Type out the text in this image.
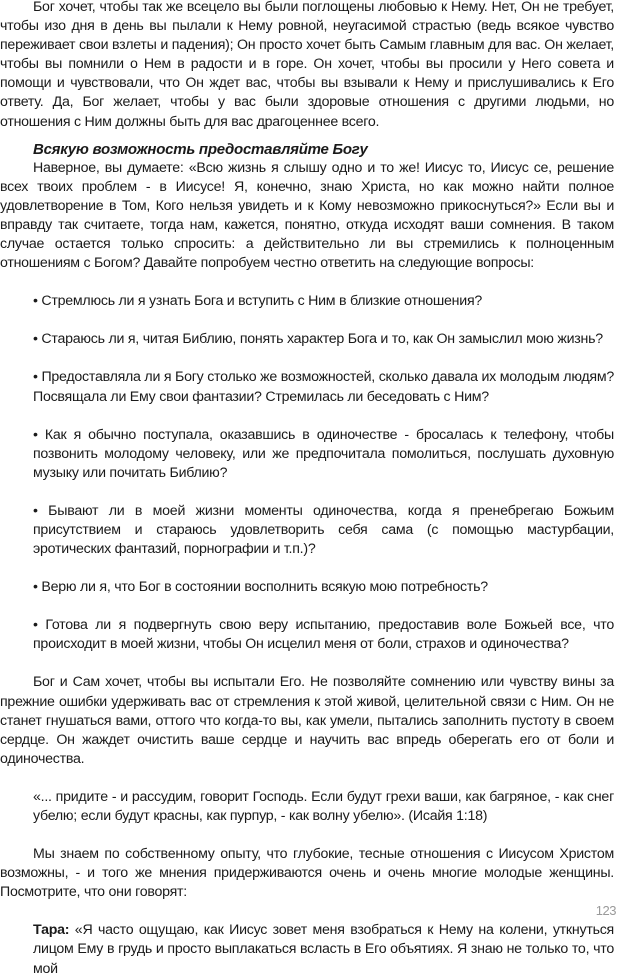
Бог хочет, чтобы так же всецело вы были поглощены любовью к Нему. Нет, Он не требует, чтобы изо дня в день вы пылали к Нему ровной, неугасимой страстью (ведь всякое чувство переживает свои взлеты и падения); Он просто хочет быть Самым главным для вас. Он желает, чтобы вы помнили о Нем в радости и в горе. Он хочет, чтобы вы просили у Него совета и помощи и чувствовали, что Он ждет вас, чтобы вы взывали к Нему и прислушивались к Его ответу. Да, Бог желает, чтобы у вас были здоровые отношения с другими людьми, но отношения с Ним должны быть для вас драгоценнее всего.

Всякую возможность предоставляйте Богу

Наверное, вы думаете: «Всю жизнь я слышу одно и то же! Иисус то, Иисус се, решение всех твоих проблем - в Иисусе! Я, конечно, знаю Христа, но как можно найти полное удовлетворение в Том, Кого нельзя увидеть и к Кому невозможно прикоснуться?» Если вы и вправду так считаете, тогда нам, кажется, понятно, откуда исходят ваши сомнения. В таком случае остается только спросить: а действительно ли вы стремились к полноценным отношениям с Богом? Давайте попробуем честно ответить на следующие вопросы:

• Стремлюсь ли я узнать Бога и вступить с Ним в близкие отношения?

• Стараюсь ли я, читая Библию, понять характер Бога и то, как Он замыслил мою жизнь?

• Предоставляла ли я Богу столько же возможностей, сколько давала их молодым людям? Посвящала ли Ему свои фантазии? Стремилась ли беседовать с Ним?

• Как я обычно поступала, оказавшись в одиночестве - бросалась к телефону, чтобы позвонить молодому человеку, или же предпочитала помолиться, послушать духовную музыку или почитать Библию?

• Бывают ли в моей жизни моменты одиночества, когда я пренебрегаю Божьим присутствием и стараюсь удовлетворить себя сама (с помощью мастурбации, эротических фантазий, порнографии и т.п.)?

• Верю ли я, что Бог в состоянии восполнить всякую мою потребность?

• Готова ли я подвергнуть свою веру испытанию, предоставив воле Божьей все, что происходит в моей жизни, чтобы Он исцелил меня от боли, страхов и одиночества?

Бог и Сам хочет, чтобы вы испытали Его. Не позволяйте сомнению или чувству вины за прежние ошибки удерживать вас от стремления к этой живой, целительной связи с Ним. Он не станет гнушаться вами, оттого что когда-то вы, как умели, пытались заполнить пустоту в своем сердце. Он жаждет очистить ваше сердце и научить вас впредь оберегать его от боли и одиночества.

«... придите - и рассудим, говорит Господь. Если будут грехи ваши, как багряное, - как снег убелю; если будут красны, как пурпур, - как волну убелю». (Исайя 1:18)

Мы знаем по собственному опыту, что глубокие, тесные отношения с Иисусом Христом возможны, - и того же мнения придерживаются очень и очень многие молодые женщины. Посмотрите, что они говорят:

Тара: «Я часто ощущаю, как Иисус зовет меня взобраться к Нему на колени, уткнуться лицом Ему в грудь и просто выплакаться всласть в Его объятиях. Я знаю не только то, что мой

123
